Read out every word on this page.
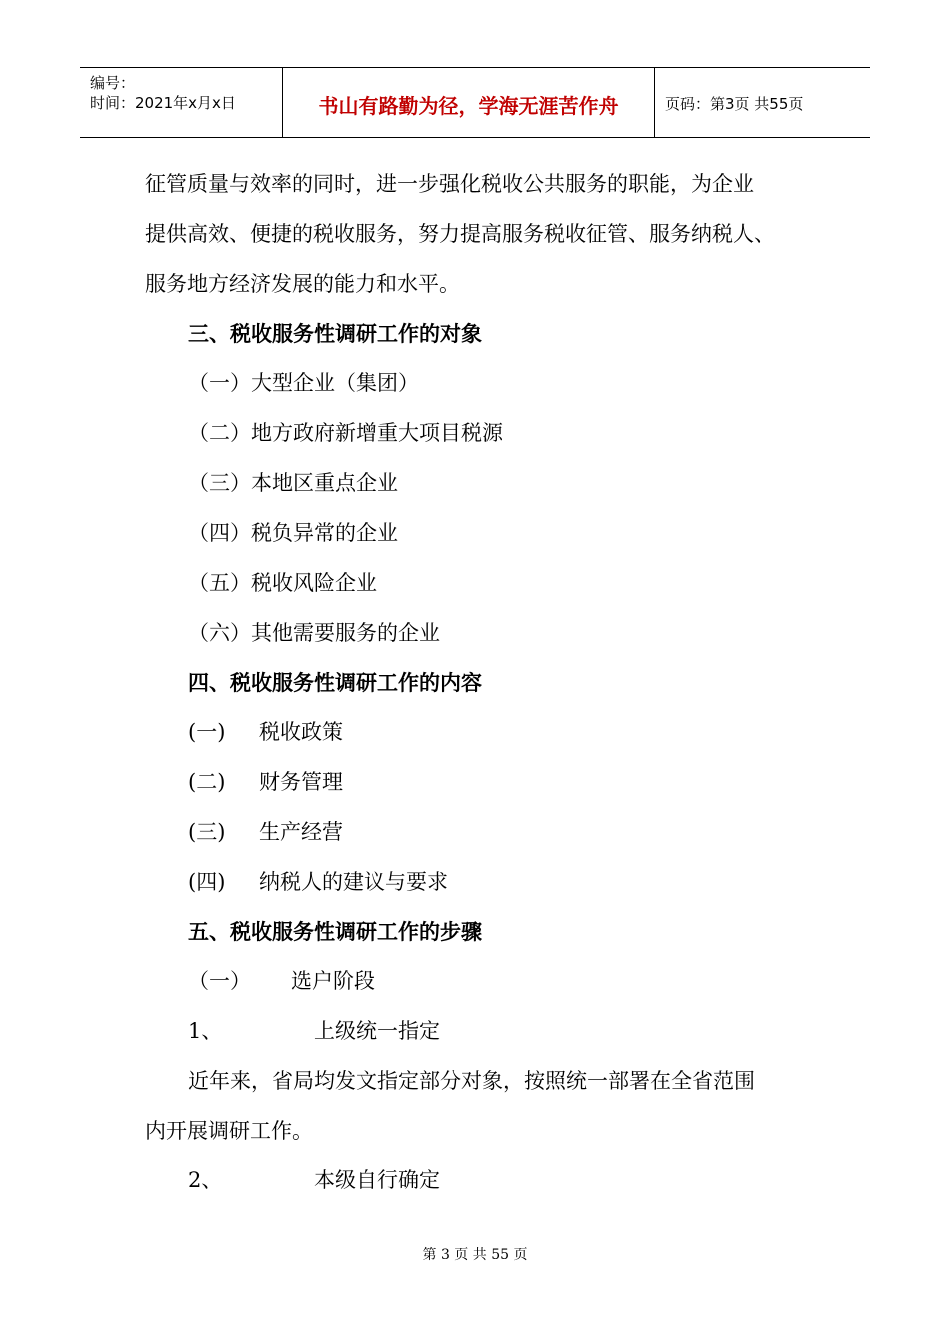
编号：
时间：2021年x月x日	书山有路勤为径，学海无涯苦作舟	页码：第3页 共55页
征管质量与效率的同时，进一步强化税收公共服务的职能，为企业
提供高效、便捷的税收服务，努力提高服务税收征管、服务纳税人、
服务地方经济发展的能力和水平。
三、税收服务性调研工作的对象
（一）大型企业（集团）
（二）地方政府新增重大项目税源
（三）本地区重点企业
（四）税负异常的企业
（五）税收风险企业
（六）其他需要服务的企业
四、税收服务性调研工作的内容
(一) 税收政策
(二) 财务管理
(三) 生产经营
(四) 纳税人的建议与要求
五、税收服务性调研工作的步骤
（一） 选户阶段
1、	上级统一指定
近年来，省局均发文指定部分对象，按照统一部署在全省范围
内开展调研工作。
2、	本级自行确定
第 3 页 共 55 页
